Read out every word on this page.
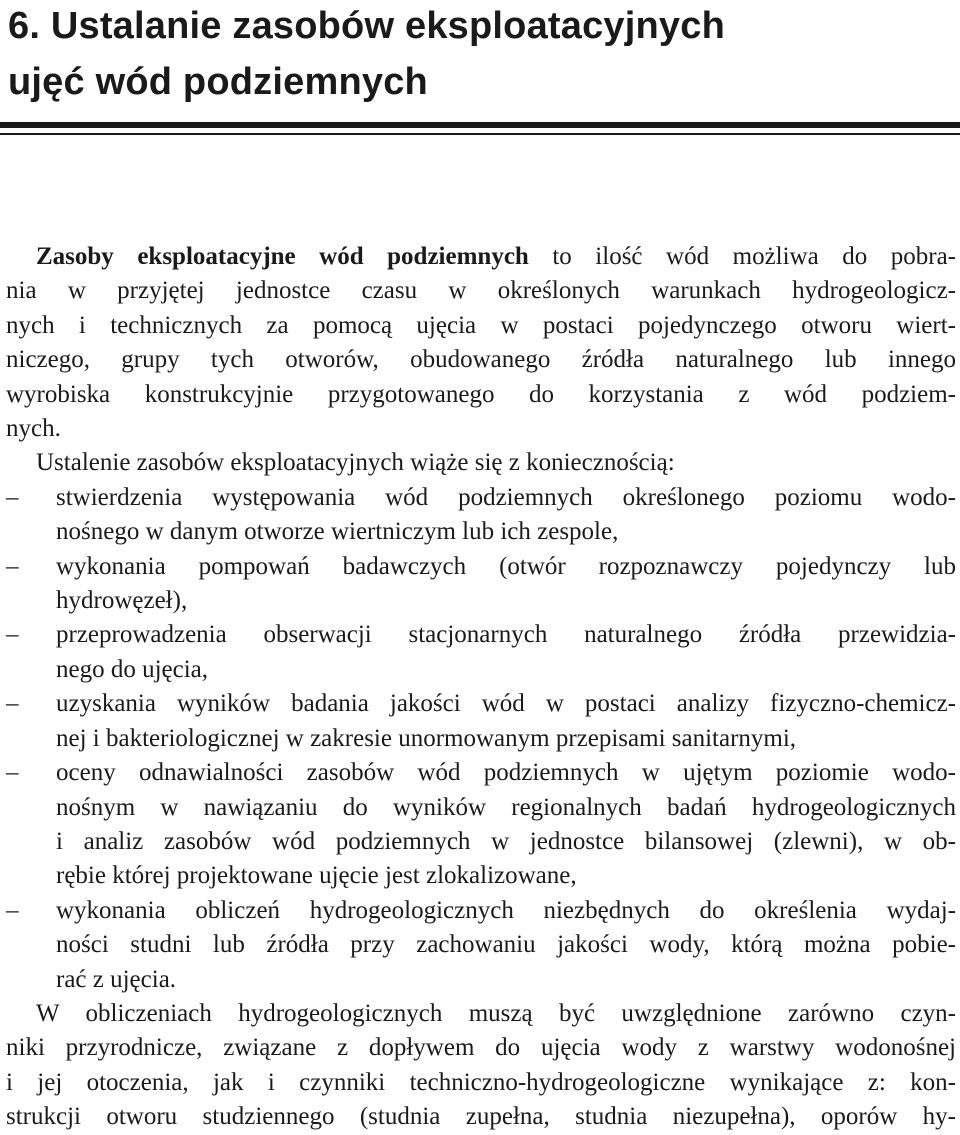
6. Ustalanie zasobów eksploatacyjnych
ujęć wód podziemnych
Zasoby eksploatacyjne wód podziemnych to ilość wód możliwa do pobra-
nia w przyjętej jednostce czasu w określonych warunkach hydrogeologicz-
nych i technicznych za pomocą ujęcia w postaci pojedynczego otworu wiert-
niczego, grupy tych otworów, obudowanego źródła naturalnego lub innego
wyrobiska konstrukcyjnie przygotowanego do korzystania z wód podziem-
nych.
Ustalenie zasobów eksploatacyjnych wiąże się z koniecznością:
– stwierdzenia występowania wód podziemnych określonego poziomu wodo-
nośnego w danym otworze wiertniczym lub ich zespole,
– wykonania pompowań badawczych (otwór rozpoznawczy pojedynczy lub
hydrowęzeł),
– przeprowadzenia obserwacji stacjonarnych naturalnego źródła przewidzia-
nego do ujęcia,
– uzyskania wyników badania jakości wód w postaci analizy fizyczno-chemicz-
nej i bakteriologicznej w zakresie unormowanym przepisami sanitarnymi,
– oceny odnawialności zasobów wód podziemnych w ujętym poziomie wodo-
nośnym w nawiązaniu do wyników regionalnych badań hydrogeologicznych
i analiz zasobów wód podziemnych w jednostce bilansowej (zlewni), w ob-
rębie której projektowane ujęcie jest zlokalizowane,
– wykonania obliczeń hydrogeologicznych niezbędnych do określenia wydaj-
ności studni lub źródła przy zachowaniu jakości wody, którą można pobie-
rać z ujęcia.
W obliczeniach hydrogeologicznych muszą być uwzględnione zarówno czyn-
niki przyrodnicze, związane z dopływem do ujęcia wody z warstwy wodonośnej
i jej otoczenia, jak i czynniki techniczno-hydrogeologiczne wynikające z: kon-
strukcji otworu studziennego (studnia zupełna, studnia niezupełna), oporów hy-
